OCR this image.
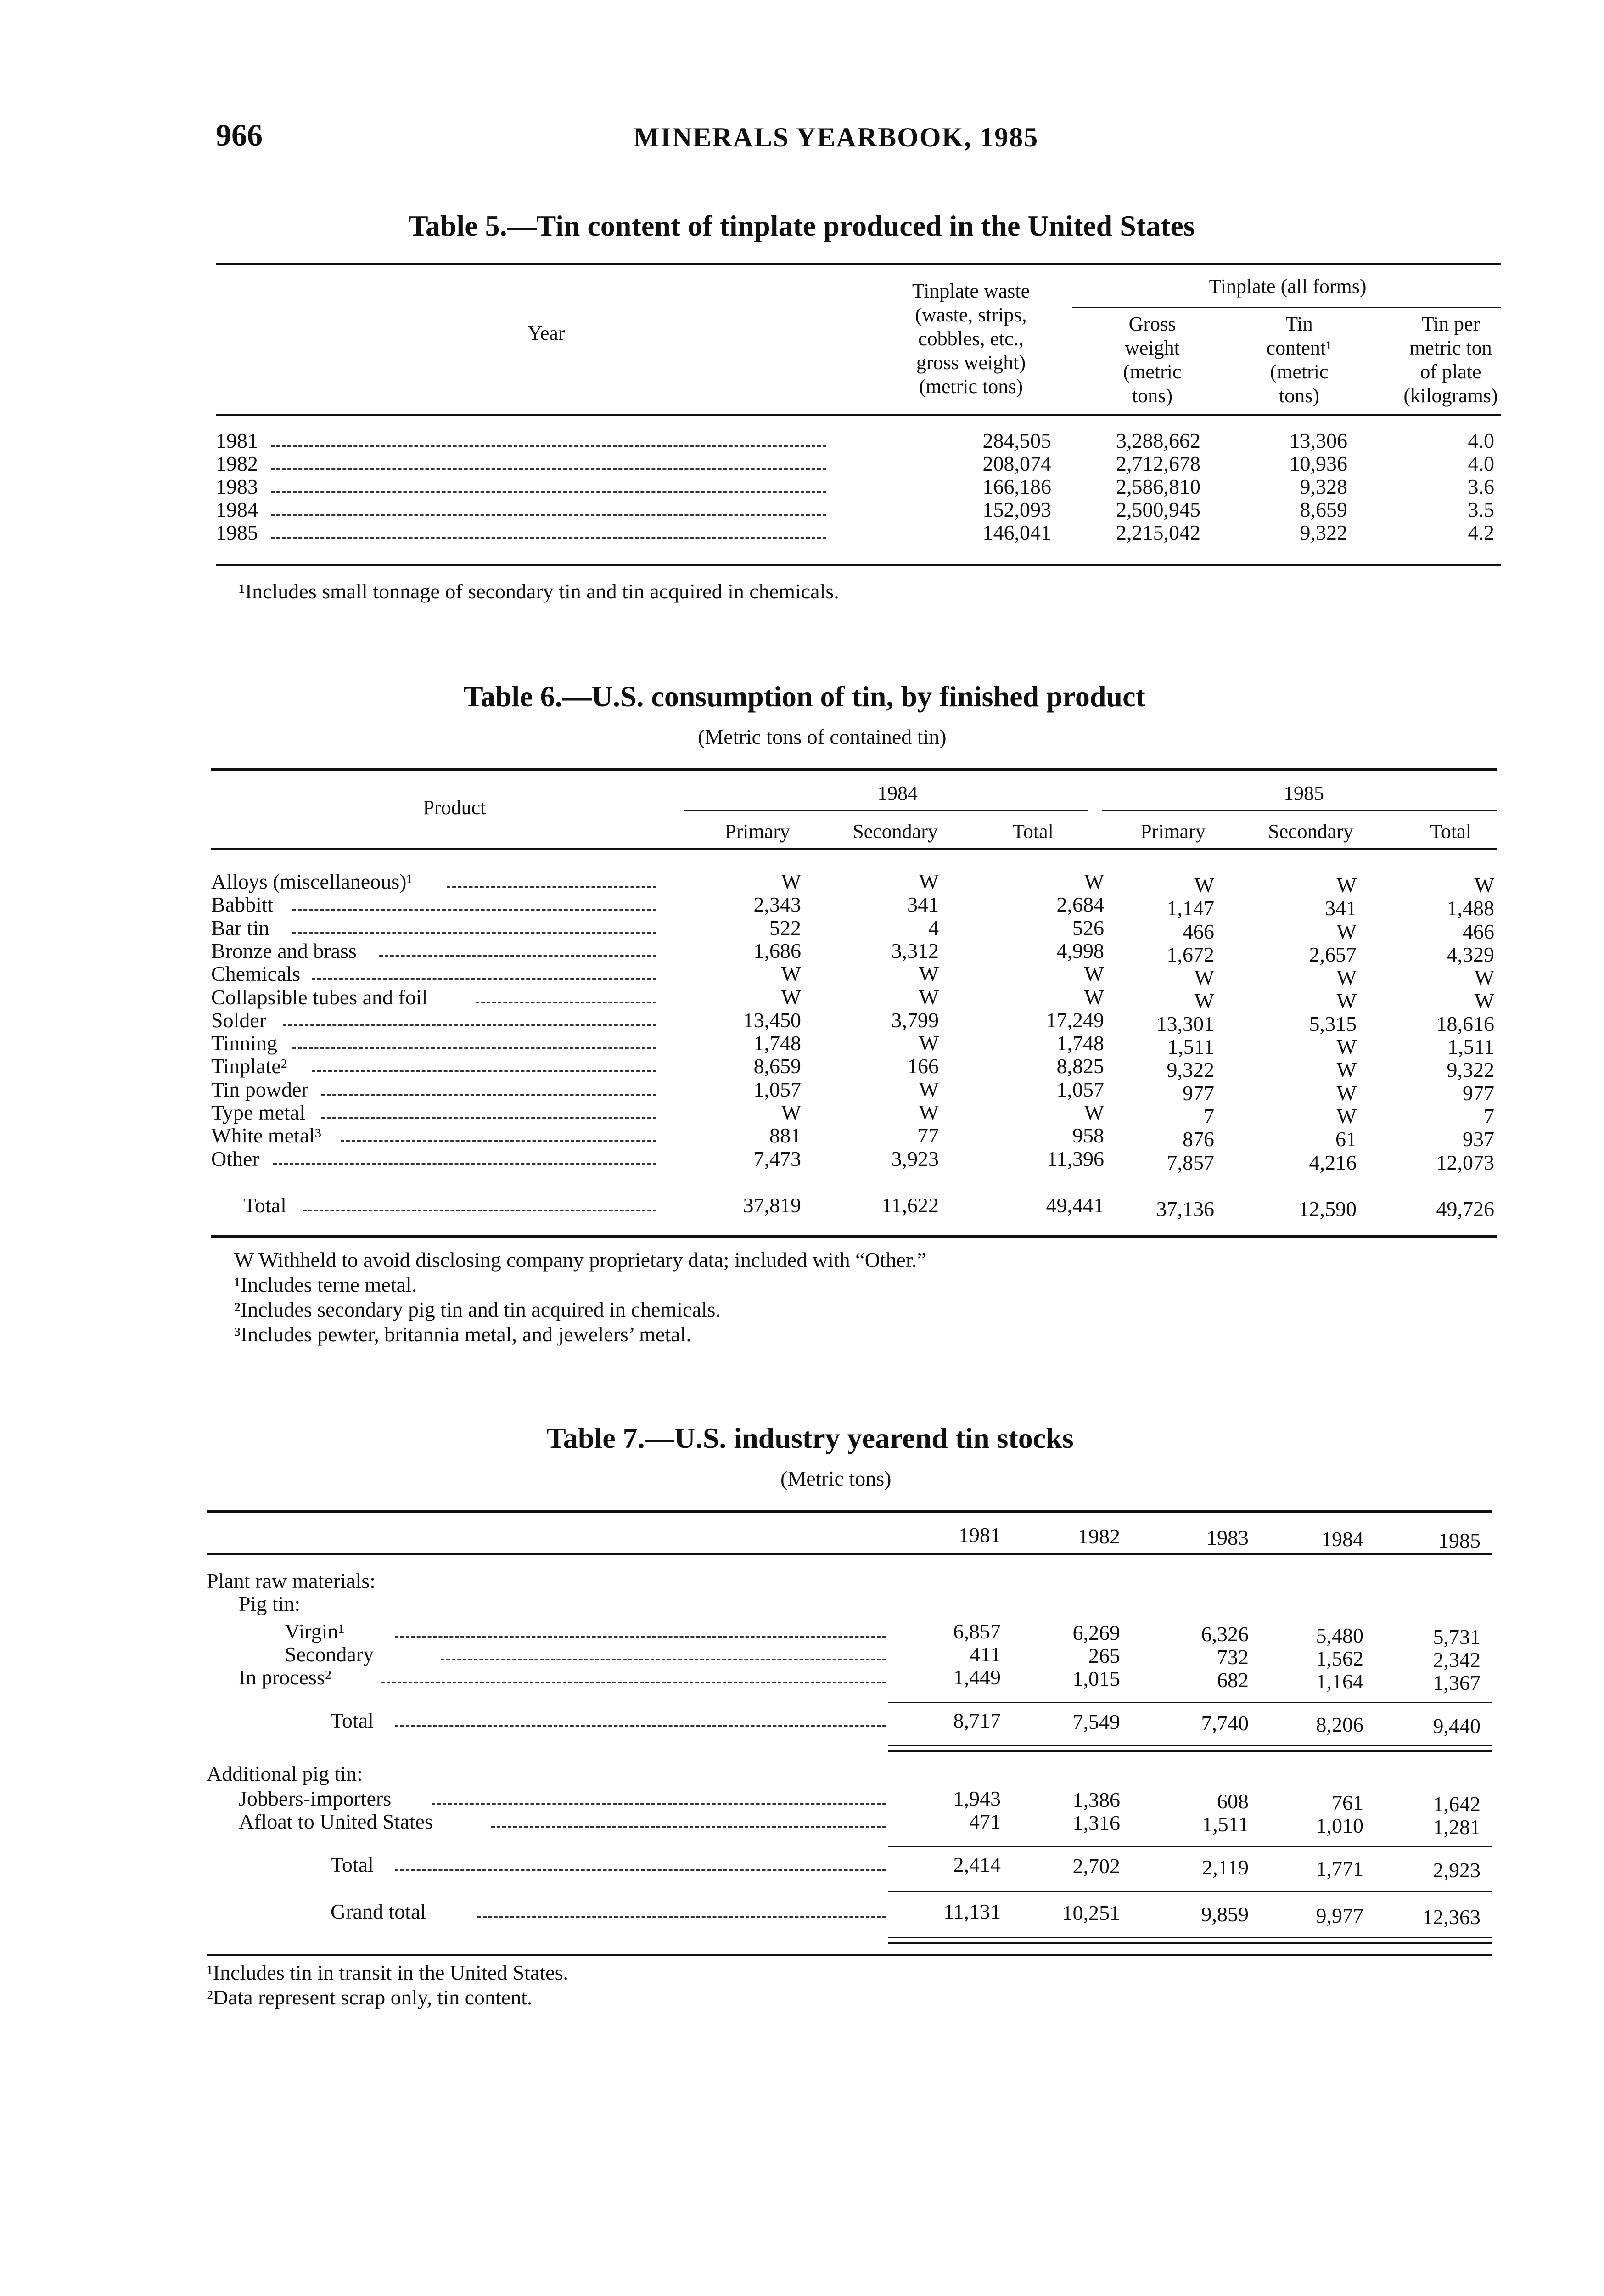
966	MINERALS YEARBOOK, 1985
Table 5.—Tin content of tinplate produced in the United States
Year
Tinplate waste
(waste, strips,
cobbles, etc.,
gross weight)
(metric tons)
Tinplate (all forms)
Gross
weight
(metric
tons)
Tin
content¹
(metric
tons)
Tin per
metric ton
of plate
(kilograms)
1981	284,505	3,288,662	13,306	4.0
1982	208,074	2,712,678	10,936	4.0
1983	166,186	2,586,810	9,328	3.6
1984	152,093	2,500,945	8,659	3.5
1985	146,041	2,215,042	9,322	4.2
¹Includes small tonnage of secondary tin and tin acquired in chemicals.
Table 6.—U.S. consumption of tin, by finished product
(Metric tons of contained tin)
Product
1984	1985
Primary	Secondary	Total	Primary	Secondary	Total
Alloys (miscellaneous)¹	W	W	W	W	W	W
Babbitt	2,343	341	2,684	1,147	341	1,488
Bar tin	522	4	526	466	W	466
Bronze and brass	1,686	3,312	4,998	1,672	2,657	4,329
Chemicals	W	W	W	W	W	W
Collapsible tubes and foil	W	W	W	W	W	W
Solder	13,450	3,799	17,249	13,301	5,315	18,616
Tinning	1,748	W	1,748	1,511	W	1,511
Tinplate²	8,659	166	8,825	9,322	W	9,322
Tin powder	1,057	W	1,057	977	W	977
Type metal	W	W	W	7	W	7
White metal³	881	77	958	876	61	937
Other	7,473	3,923	11,396	7,857	4,216	12,073
Total	37,819	11,622	49,441	37,136	12,590	49,726
W Withheld to avoid disclosing company proprietary data; included with “Other.”
¹Includes terne metal.
²Includes secondary pig tin and tin acquired in chemicals.
³Includes pewter, britannia metal, and jewelers’ metal.
Table 7.—U.S. industry yearend tin stocks
(Metric tons)
1981	1982	1983	1984	1985
Plant raw materials:
Pig tin:
Virgin¹	6,857	6,269	6,326	5,480	5,731
Secondary	411	265	732	1,562	2,342
In process²	1,449	1,015	682	1,164	1,367
Total	8,717	7,549	7,740	8,206	9,440
Additional pig tin:
Jobbers-importers	1,943	1,386	608	761	1,642
Afloat to United States	471	1,316	1,511	1,010	1,281
Total	2,414	2,702	2,119	1,771	2,923
Grand total	11,131	10,251	9,859	9,977	12,363
¹Includes tin in transit in the United States.
²Data represent scrap only, tin content.
